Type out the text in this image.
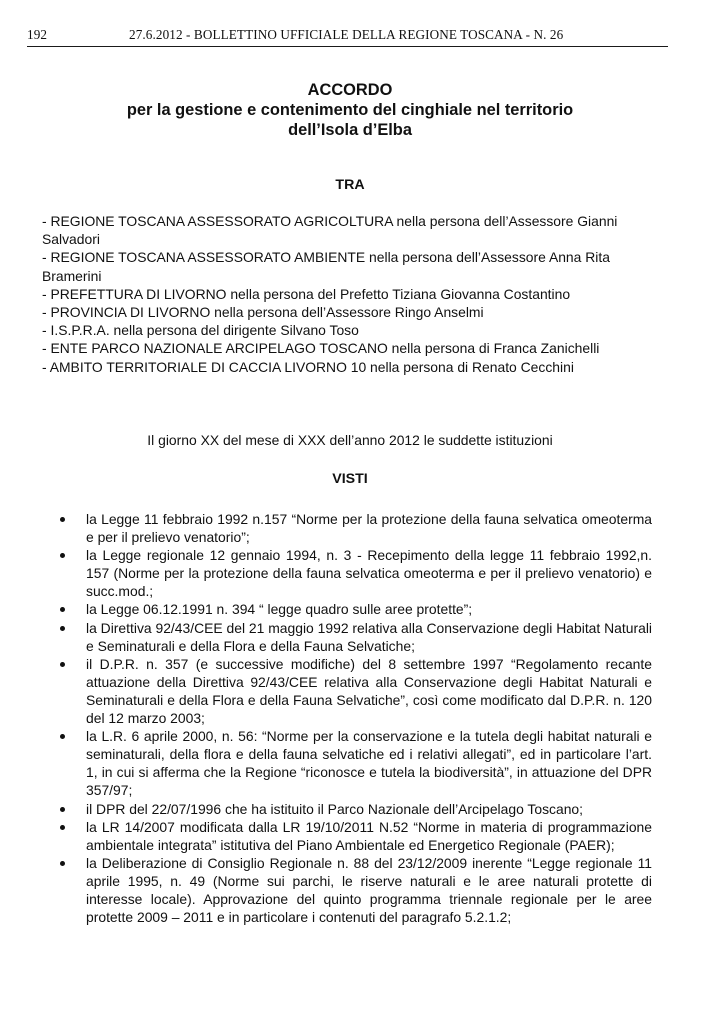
192	27.6.2012 - BOLLETTINO UFFICIALE DELLA REGIONE TOSCANA - N. 26
ACCORDO
per la gestione e contenimento del cinghiale nel territorio
dell’Isola d’Elba
TRA
- REGIONE TOSCANA ASSESSORATO AGRICOLTURA nella persona dell’Assessore Gianni Salvadori
- REGIONE TOSCANA ASSESSORATO AMBIENTE nella persona dell’Assessore Anna Rita Bramerini
- PREFETTURA DI LIVORNO nella persona del Prefetto Tiziana Giovanna Costantino
- PROVINCIA DI LIVORNO nella persona dell’Assessore Ringo Anselmi
- I.S.P.R.A. nella persona del dirigente Silvano Toso
- ENTE PARCO NAZIONALE ARCIPELAGO TOSCANO nella persona di Franca Zanichelli
- AMBITO TERRITORIALE DI CACCIA LIVORNO 10 nella persona di Renato Cecchini
Il giorno XX del mese di XXX dell’anno 2012 le suddette istituzioni
VISTI
la Legge 11 febbraio 1992 n.157 “Norme per la protezione della fauna selvatica omeoterma e per il prelievo venatorio”;
la Legge regionale 12 gennaio 1994, n. 3 - Recepimento della legge 11 febbraio 1992,n. 157 (Norme per la protezione della fauna selvatica omeoterma e per il prelievo venatorio) e succ.mod.;
la Legge 06.12.1991 n. 394 “ legge quadro sulle aree protette”;
la Direttiva 92/43/CEE del 21 maggio 1992 relativa alla Conservazione degli Habitat Naturali e Seminaturali e della Flora e della Fauna Selvatiche;
il D.P.R. n. 357 (e successive modifiche) del 8 settembre 1997 “Regolamento recante attuazione della Direttiva 92/43/CEE relativa alla Conservazione degli Habitat Naturali e Seminaturali e della Flora e della Fauna Selvatiche”, così come modificato dal D.P.R. n. 120 del 12 marzo 2003;
la L.R. 6 aprile 2000, n. 56: “Norme per la conservazione e la tutela degli habitat naturali e seminaturali, della flora e della fauna selvatiche ed i relativi allegati”, ed in particolare l’art. 1, in cui si afferma che la Regione “riconosce e tutela la biodiversità”, in attuazione del DPR 357/97;
il DPR del 22/07/1996 che ha istituito il Parco Nazionale dell’Arcipelago Toscano;
la LR 14/2007 modificata dalla LR 19/10/2011 N.52 “Norme in materia di programmazione ambientale integrata” istitutiva del Piano Ambientale ed Energetico Regionale (PAER);
la Deliberazione di Consiglio Regionale n. 88 del 23/12/2009 inerente “Legge regionale 11 aprile 1995, n. 49 (Norme sui parchi, le riserve naturali e le aree naturali protette di interesse locale). Approvazione del quinto programma triennale regionale per le aree protette 2009 – 2011 e in particolare i contenuti del paragrafo 5.2.1.2;
